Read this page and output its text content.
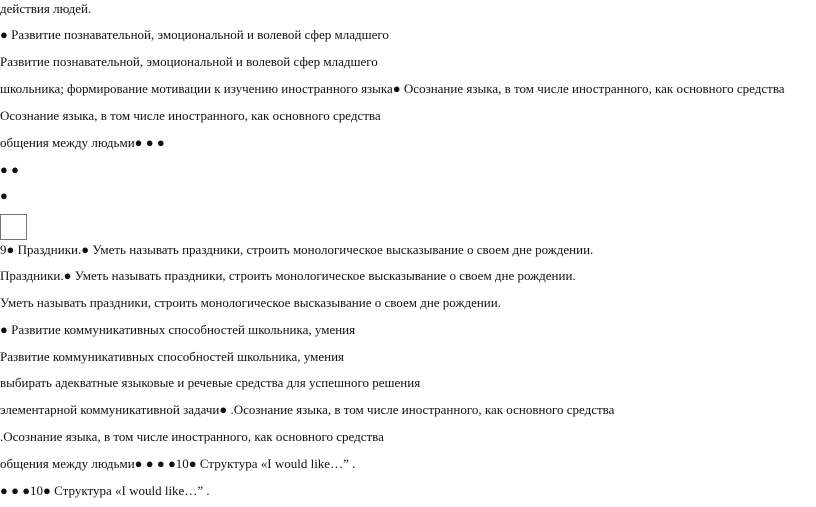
действия людей.
● Развитие познавательной, эмоциональной и волевой сфер младшего
Развитие познавательной, эмоциональной и волевой сфер младшего
школьника; формирование мотивации к изучению иностранного языка● Осознание языка, в том числе иностранного, как основного средства
Осознание языка, в том числе иностранного, как основного средства
общения между людьми● ● ●
● ●
●
9● Праздники.● Уметь называть праздники, строить монологическое высказывание о своем дне рождении.
Праздники.● Уметь называть праздники, строить монологическое высказывание о своем дне рождении.
Уметь называть праздники, строить монологическое высказывание о своем дне рождении.
● Развитие коммуникативных способностей школьника, умения
Развитие коммуникативных способностей школьника, умения
выбирать адекватные языковые и речевые средства для успешного решения
элементарной коммуникативной задачи● .Осознание языка, в том числе иностранного, как основного средства
.Осознание языка, в том числе иностранного, как основного средства
общения между людьми● ● ● ●10● Структура «I would like…” .
● ● ●10● Структура «I would like…” .
